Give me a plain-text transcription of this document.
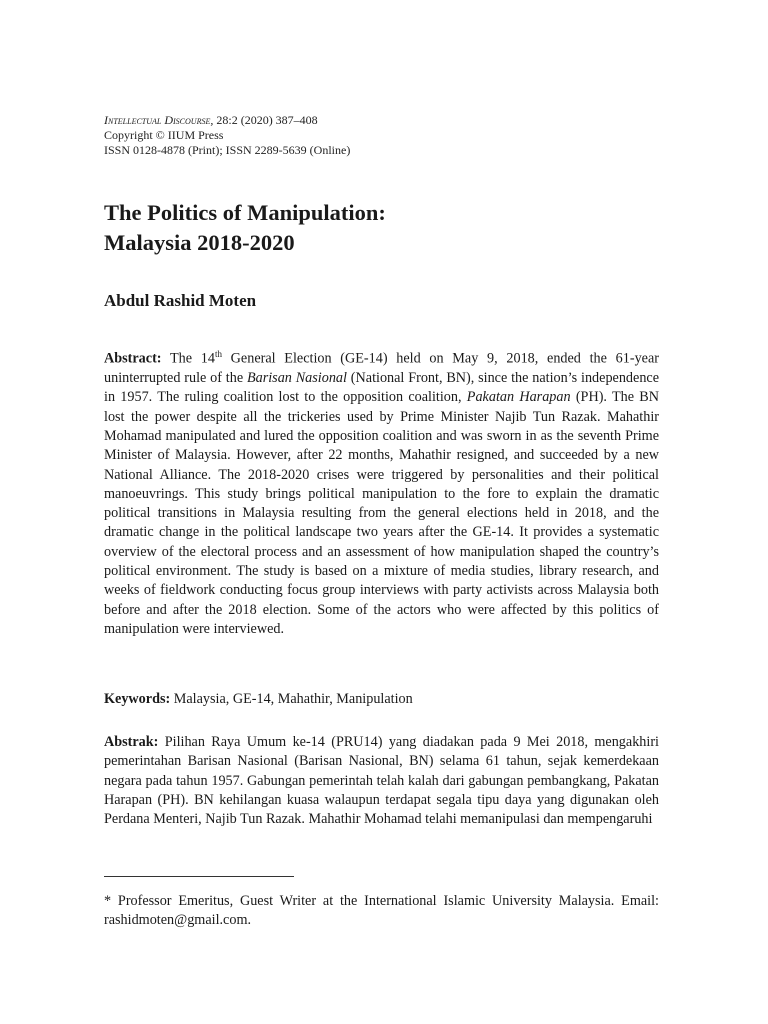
Intellectual Discourse, 28:2 (2020) 387–408
Copyright © IIUM Press
ISSN 0128-4878 (Print); ISSN 2289-5639 (Online)
The Politics of Manipulation:
Malaysia 2018-2020
Abdul Rashid Moten
Abstract: The 14th General Election (GE-14) held on May 9, 2018, ended the 61-year uninterrupted rule of the Barisan Nasional (National Front, BN), since the nation’s independence in 1957. The ruling coalition lost to the opposition coalition, Pakatan Harapan (PH). The BN lost the power despite all the trickeries used by Prime Minister Najib Tun Razak. Mahathir Mohamad manipulated and lured the opposition coalition and was sworn in as the seventh Prime Minister of Malaysia. However, after 22 months, Mahathir resigned, and succeeded by a new National Alliance. The 2018-2020 crises were triggered by personalities and their political manoeuvrings. This study brings political manipulation to the fore to explain the dramatic political transitions in Malaysia resulting from the general elections held in 2018, and the dramatic change in the political landscape two years after the GE-14. It provides a systematic overview of the electoral process and an assessment of how manipulation shaped the country’s political environment. The study is based on a mixture of media studies, library research, and weeks of fieldwork conducting focus group interviews with party activists across Malaysia both before and after the 2018 election. Some of the actors who were affected by this politics of manipulation were interviewed.
Keywords: Malaysia, GE-14, Mahathir, Manipulation
Abstrak: Pilihan Raya Umum ke-14 (PRU14) yang diadakan pada 9 Mei 2018, mengakhiri pemerintahan Barisan Nasional (Barisan Nasional, BN) selama 61 tahun, sejak kemerdekaan negara pada tahun 1957. Gabungan pemerintah telah kalah dari gabungan pembangkang, Pakatan Harapan (PH). BN kehilangan kuasa walaupun terdapat segala tipu daya yang digunakan oleh Perdana Menteri, Najib Tun Razak. Mahathir Mohamad telahi memanipulasi dan mempengaruhi
* Professor Emeritus, Guest Writer at the International Islamic University Malaysia. Email: rashidmoten@gmail.com.
